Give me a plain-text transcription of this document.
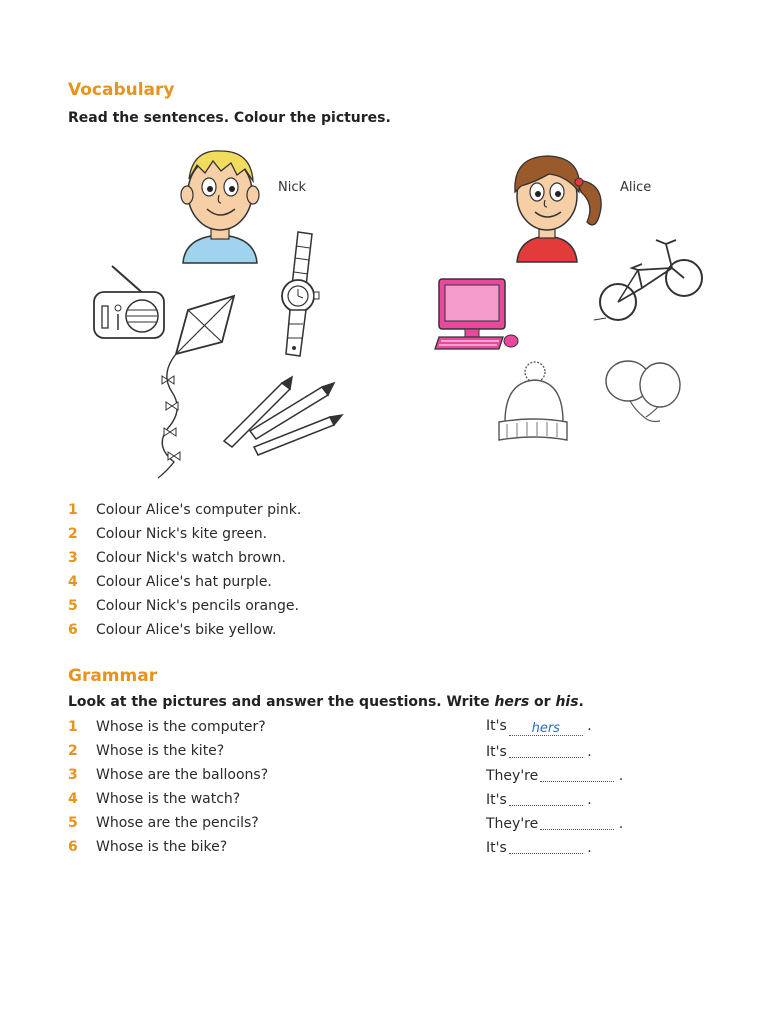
Vocabulary
Read the sentences. Colour the pictures.
Nick	Alice
1	Colour Alice's computer pink.
2	Colour Nick's kite green.
3	Colour Nick's watch brown.
4	Colour Alice's hat purple.
5	Colour Nick's pencils orange.
6	Colour Alice's bike yellow.
Grammar
Look at the pictures and answer the questions. Write hers or his.
1	Whose is the computer?	It's hers .
2	Whose is the kite?	It's	.
3	Whose are the balloons?	They're	.
4	Whose is the watch?	It's	.
5	Whose are the pencils?	They're	.
6	Whose is the bike?	It's	.
